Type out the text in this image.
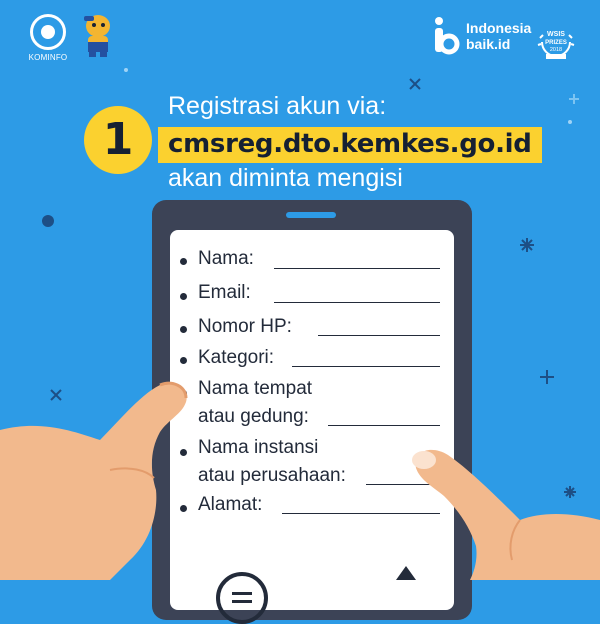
KOMINFO
Indonesia
baik.id
WSIS
PRIZES
2018
1
Registrasi akun via:
cmsreg.dto.kemkes.go.id
akan diminta mengisi
Nama:
Email:
Nomor HP:
Kategori:
Nama tempat
atau gedung:
Nama instansi
atau perusahaan:
Alamat:
